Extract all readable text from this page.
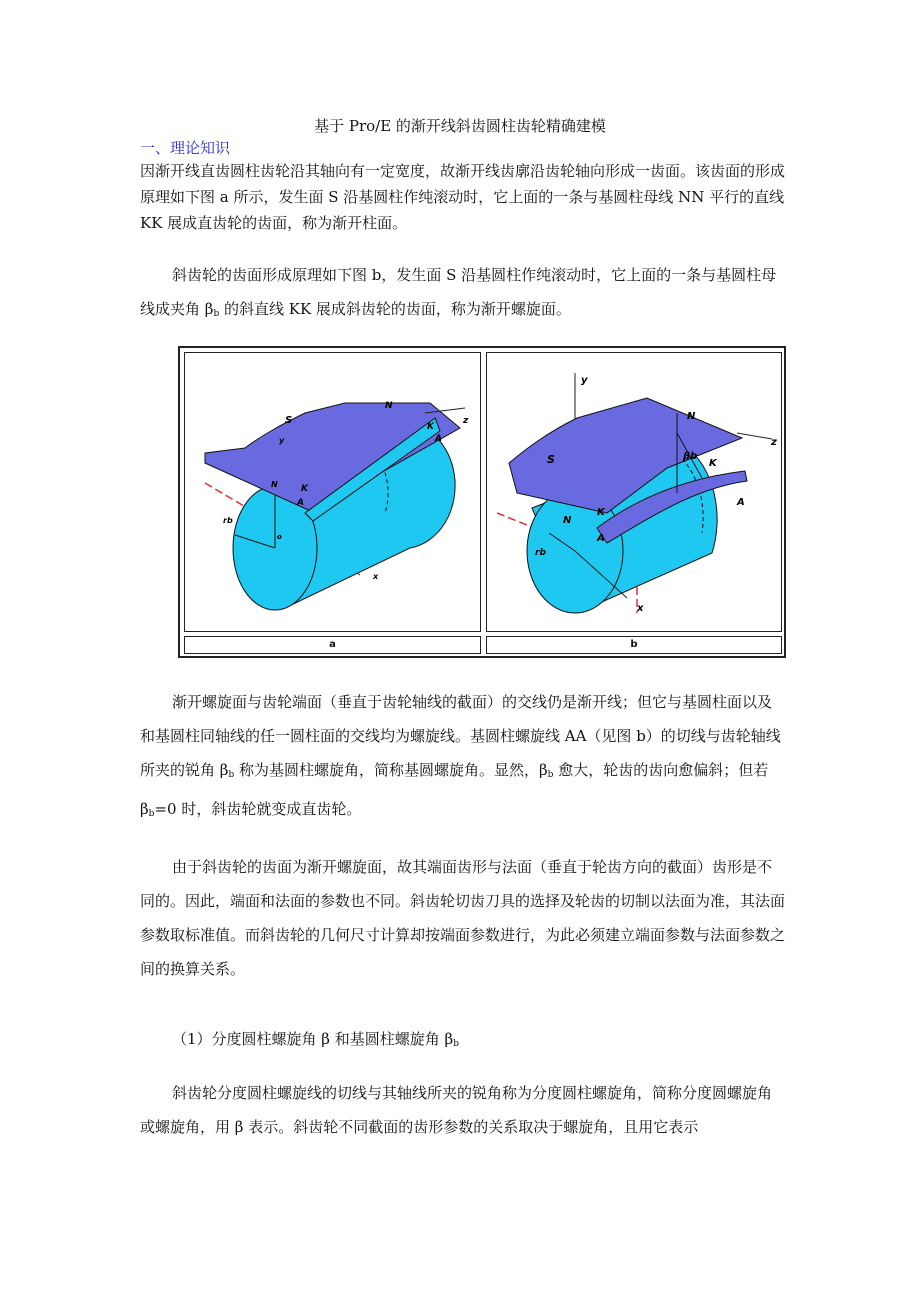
基于 Pro/E 的渐开线斜齿圆柱齿轮精确建模
一、理论知识

因渐开线直齿圆柱齿轮沿其轴向有一定宽度，故渐开线齿廓沿齿轮轴向形成一齿面。该齿面的形成原理如下图 a 所示，发生面 S 沿基圆柱作纯滚动时，它上面的一条与基圆柱母线 NN 平行的直线 KK 展成直齿轮的齿面，称为渐开柱面。

斜齿轮的齿面形成原理如下图 b，发生面 S 沿基圆柱作纯滚动时，它上面的一条与基圆柱母线成夹角 $\beta_b$ 的斜直线 KK 展成斜齿轮的齿面，称为渐开螺旋面。

S
N
K
A
z
y
N	K
A
rb
o
x
y
N
z
S	βb
K
A
N
K
A
rb
x
a	b

渐开螺旋面与齿轮端面（垂直于齿轮轴线的截面）的交线仍是渐开线；但它与基圆柱面以及和基圆柱同轴线的任一圆柱面的交线均为螺旋线。基圆柱螺旋线 AA（见图 b）的切线与齿轮轴线所夹的锐角 $\beta_b$ 称为基圆柱螺旋角，简称基圆螺旋角。显然，$\beta_b$ 愈大，轮齿的齿向愈偏斜；但若 $\beta_b=0$ 时，斜齿轮就变成直齿轮。

由于斜齿轮的齿面为渐开螺旋面，故其端面齿形与法面（垂直于轮齿方向的截面）齿形是不同的。因此，端面和法面的参数也不同。斜齿轮切齿刀具的选择及轮齿的切制以法面为准，其法面参数取标准值。而斜齿轮的几何尺寸计算却按端面参数进行，为此必须建立端面参数与法面参数之间的换算关系。

（1）分度圆柱螺旋角 β 和基圆柱螺旋角 $\beta_b$

斜齿轮分度圆柱螺旋线的切线与其轴线所夹的锐角称为分度圆柱螺旋角，简称分度圆螺旋角或螺旋角，用 β 表示。斜齿轮不同截面的齿形参数的关系取决于螺旋角，且用它表示
